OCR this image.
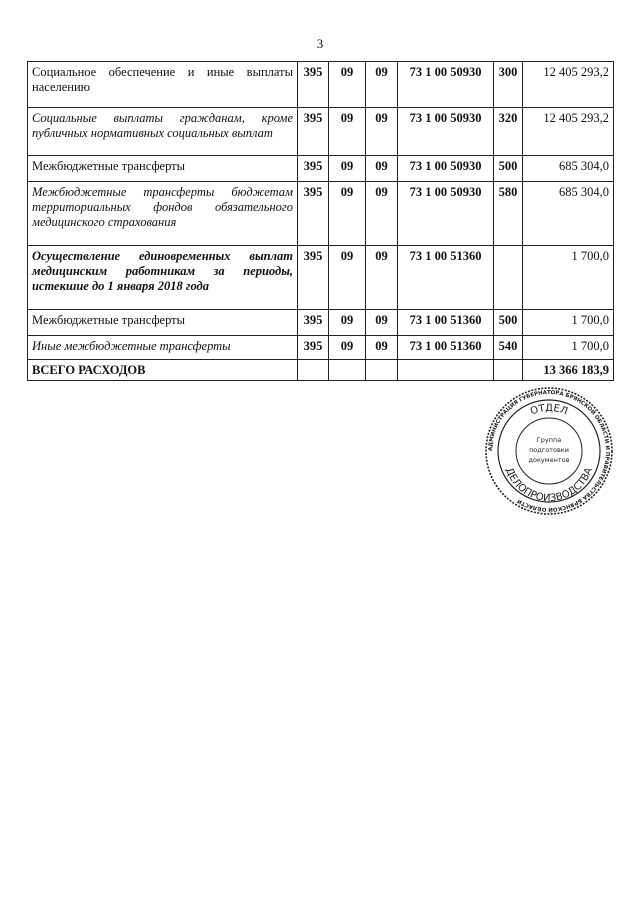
3
Социальное обеспечение и иные выплаты населению	395	09	09	73 1 00 50930	300	12 405 293,2
Социальные выплаты гражданам, кроме публичных нормативных социальных выплат	395	09	09	73 1 00 50930	320	12 405 293,2
Межбюджетные трансферты	395	09	09	73 1 00 50930	500	685 304,0
Межбюджетные трансферты бюджетам территориальных фондов обязательного медицинского страхования	395	09	09	73 1 00 50930	580	685 304,0
Осуществление единовременных выплат медицинским работникам за периоды, истекшие до 1 января 2018 года	395	09	09	73 1 00 51360		1 700,0
Межбюджетные трансферты	395	09	09	73 1 00 51360	500	1 700,0
Иные межбюджетные трансферты	395	09	09	73 1 00 51360	540	1 700,0
ВСЕГО РАСХОДОВ						13 366 183,9
АДМИНИСТРАЦИЯ ГУБЕРНАТОРА БРЯНСКОЙ ОБЛАСТИ И ПРАВИТЕЛЬСТВА БРЯНСКОЙ ОБЛАСТИ
ОТДЕЛ
ДЕЛОПРОИЗВОДСТВА
Группа
подготовки
документов
